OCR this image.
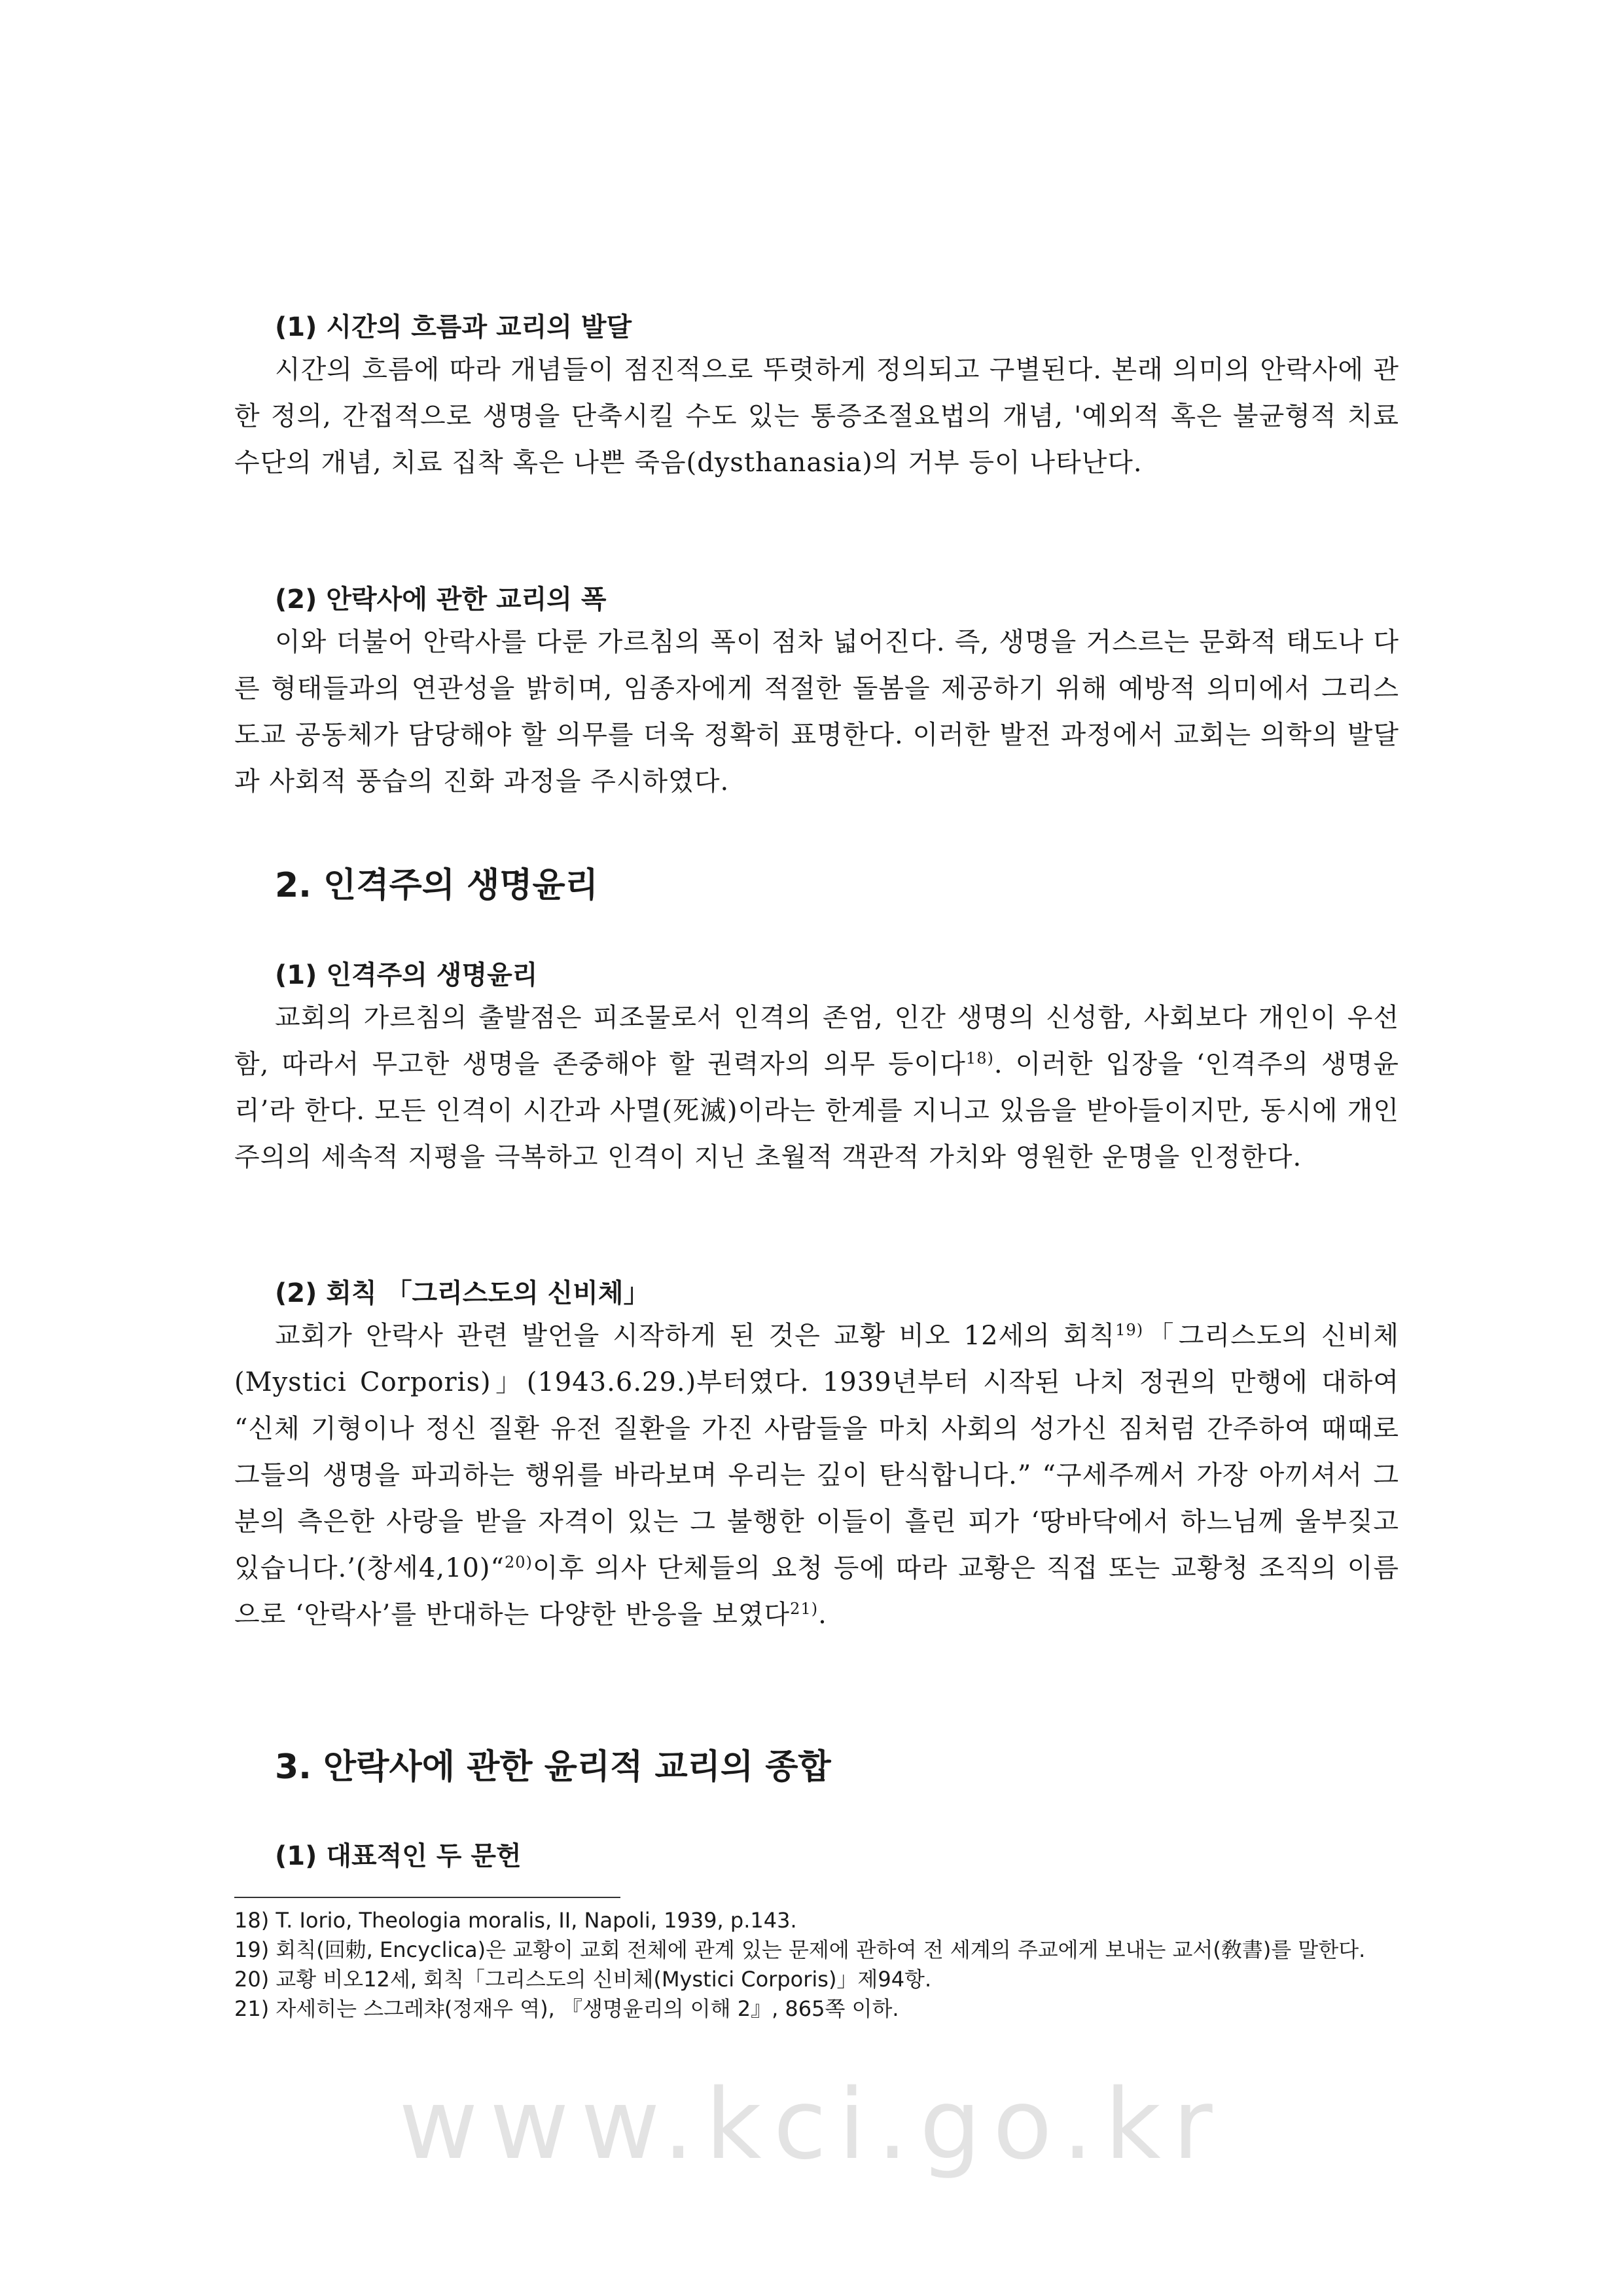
(1) 시간의 흐름과 교리의 발달

시간의 흐름에 따라 개념들이 점진적으로 뚜렷하게 정의되고 구별된다. 본래 의미의 안락사에 관한 정의, 간접적으로 생명을 단축시킬 수도 있는 통증조절요법의 개념, '예외적 혹은 불균형적 치료 수단의 개념, 치료 집착 혹은 나쁜 죽음(dysthanasia)의 거부 등이 나타난다.

(2) 안락사에 관한 교리의 폭

이와 더불어 안락사를 다룬 가르침의 폭이 점차 넓어진다. 즉, 생명을 거스르는 문화적 태도나 다른 형태들과의 연관성을 밝히며, 임종자에게 적절한 돌봄을 제공하기 위해 예방적 의미에서 그리스도교 공동체가 담당해야 할 의무를 더욱 정확히 표명한다. 이러한 발전 과정에서 교회는 의학의 발달과 사회적 풍습의 진화 과정을 주시하였다.

2. 인격주의 생명윤리
(1) 인격주의 생명윤리

교회의 가르침의 출발점은 피조물로서 인격의 존엄, 인간 생명의 신성함, 사회보다 개인이 우선함, 따라서 무고한 생명을 존중해야 할 권력자의 의무 등이다$^{18)}$. 이러한 입장을 ‘인격주의 생명윤리’라 한다. 모든 인격이 시간과 사멸(死滅)이라는 한계를 지니고 있음을 받아들이지만, 동시에 개인주의의 세속적 지평을 극복하고 인격이 지닌 초월적 객관적 가치와 영원한 운명을 인정한다.

(2) 회칙 「그리스도의 신비체」

교회가 안락사 관련 발언을 시작하게 된 것은 교황 비오 12세의 회칙$^{19)}$「그리스도의 신비체(Mystici Corporis)」(1943.6.29.)부터였다. 1939년부터 시작된 나치 정권의 만행에 대하여 “신체 기형이나 정신 질환 유전 질환을 가진 사람들을 마치 사회의 성가신 짐처럼 간주하여 때때로 그들의 생명을 파괴하는 행위를 바라보며 우리는 깊이 탄식합니다.” “구세주께서 가장 아끼셔서 그분의 측은한 사랑을 받을 자격이 있는 그 불행한 이들이 흘린 피가 ‘땅바닥에서 하느님께 울부짖고 있습니다.’(창세4,10)“$^{20)}$이후 의사 단체들의 요청 등에 따라 교황은 직접 또는 교황청 조직의 이름으로 ‘안락사’를 반대하는 다양한 반응을 보였다$^{21)}$.

3. 안락사에 관한 윤리적 교리의 종합
(1) 대표적인 두 문헌
18) T. Iorio, Theologia moralis, II, Napoli, 1939, p.143.
19) 회칙(回勅, Encyclica)은 교황이 교회 전체에 관계 있는 문제에 관하여 전 세계의 주교에게 보내는 교서(敎書)를 말한다.
20) 교황 비오12세, 회칙「그리스도의 신비체(Mystici Corporis)」제94항.
21) 자세히는 스그레챠(정재우 역), 『생명윤리의 이해 2』, 865쪽 이하.
www.kci.go.kr
